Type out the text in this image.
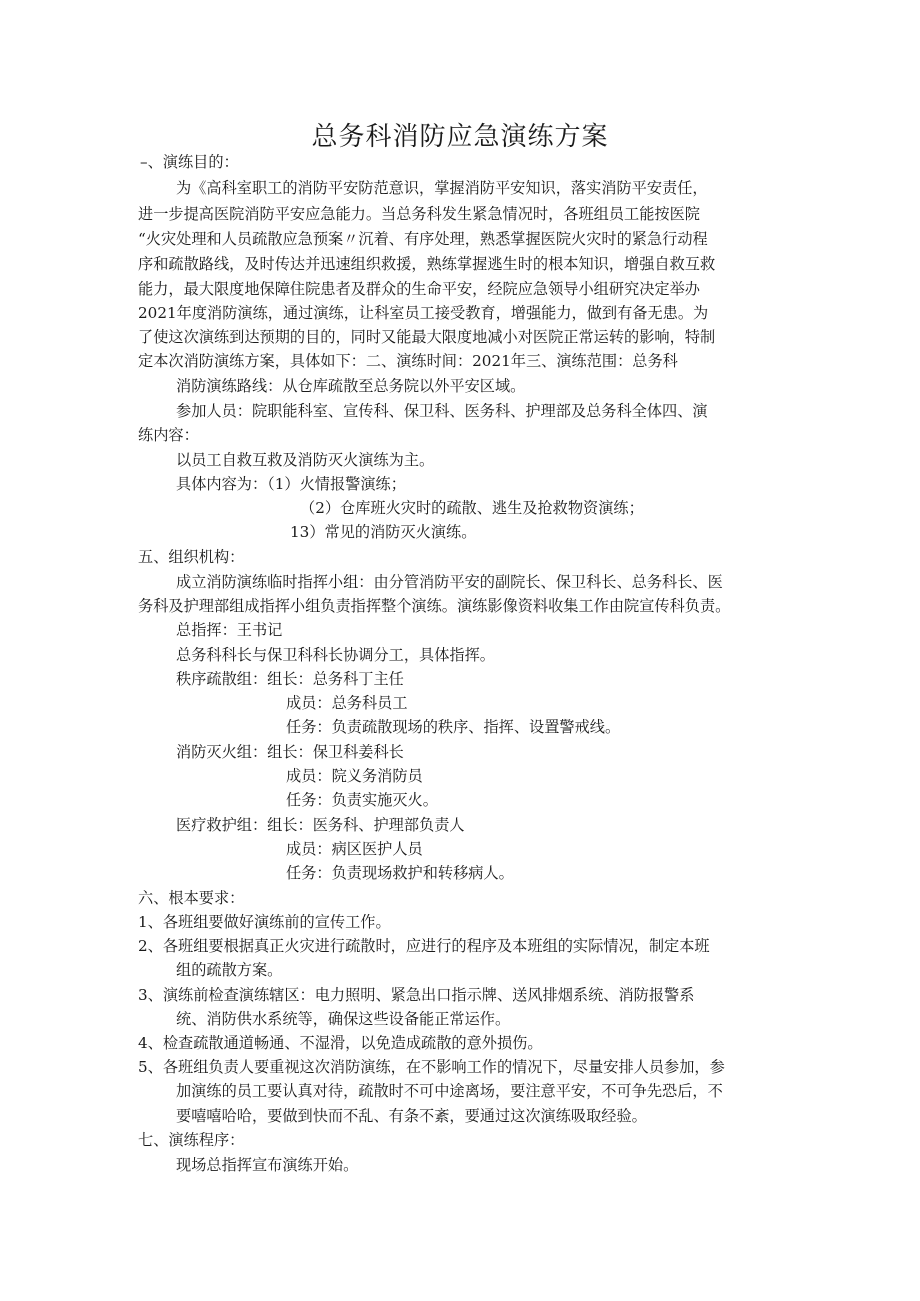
总务科消防应急演练方案
–、演练目的：
为《高科室职工的消防平安防范意识，掌握消防平安知识，落实消防平安责任，
进一步提高医院消防平安应急能力。当总务科发生紧急情况时，各班组员工能按医院
“火灾处理和人员疏散应急预案〃沉着、有序处理，熟悉掌握医院火灾时的紧急行动程
序和疏散路线，及时传达并迅速组织救援，熟练掌握逃生时的根本知识，增强自救互救
能力，最大限度地保障住院患者及群众的生命平安，经院应急领导小组研究决定举办
2021年度消防演练，通过演练，让科室员工接受教育，增强能力，做到有备无患。为
了使这次演练到达预期的目的，同时又能最大限度地减小对医院正常运转的影响，特制
定本次消防演练方案，具体如下：二、演练时间：2021年三、演练范围：总务科
消防演练路线：从仓库疏散至总务院以外平安区域。
参加人员：院职能科室、宣传科、保卫科、医务科、护理部及总务科全体四、演
练内容：
以员工自救互救及消防灭火演练为主。
具体内容为：（1）火情报警演练；
（2）仓库班火灾时的疏散、逃生及抢救物资演练；
13）常见的消防灭火演练。
五、组织机构：
成立消防演练临时指挥小组：由分管消防平安的副院长、保卫科长、总务科长、医
务科及护理部组成指挥小组负责指挥整个演练。演练影像资料收集工作由院宣传科负责。
总指挥：王书记
总务科科长与保卫科科长协调分工，具体指挥。
秩序疏散组：组长：总务科丁主任
成员：总务科员工
任务：负责疏散现场的秩序、指挥、设置警戒线。
消防灭火组：组长：保卫科姜科长
成员：院义务消防员
任务：负责实施灭火。
医疗救护组：组长：医务科、护理部负责人
成员：病区医护人员
任务：负责现场救护和转移病人。
六、根本要求：
1、各班组要做好演练前的宣传工作。
2、各班组要根据真正火灾进行疏散时，应进行的程序及本班组的实际情况，制定本班
组的疏散方案。
3、演练前检查演练辖区：电力照明、紧急出口指示牌、送风排烟系统、消防报警系
统、消防供水系统等，确保这些设备能正常运作。
4、检查疏散通道畅通、不湿滑，以免造成疏散的意外损伤。
5、各班组负责人要重视这次消防演练，在不影响工作的情况下，尽量安排人员参加，参
加演练的员工要认真对待，疏散时不可中途离场，要注意平安，不可争先恐后，不
要嘻嘻哈哈，要做到快而不乱、有条不紊，要通过这次演练吸取经验。
七、演练程序：
现场总指挥宣布演练开始。
